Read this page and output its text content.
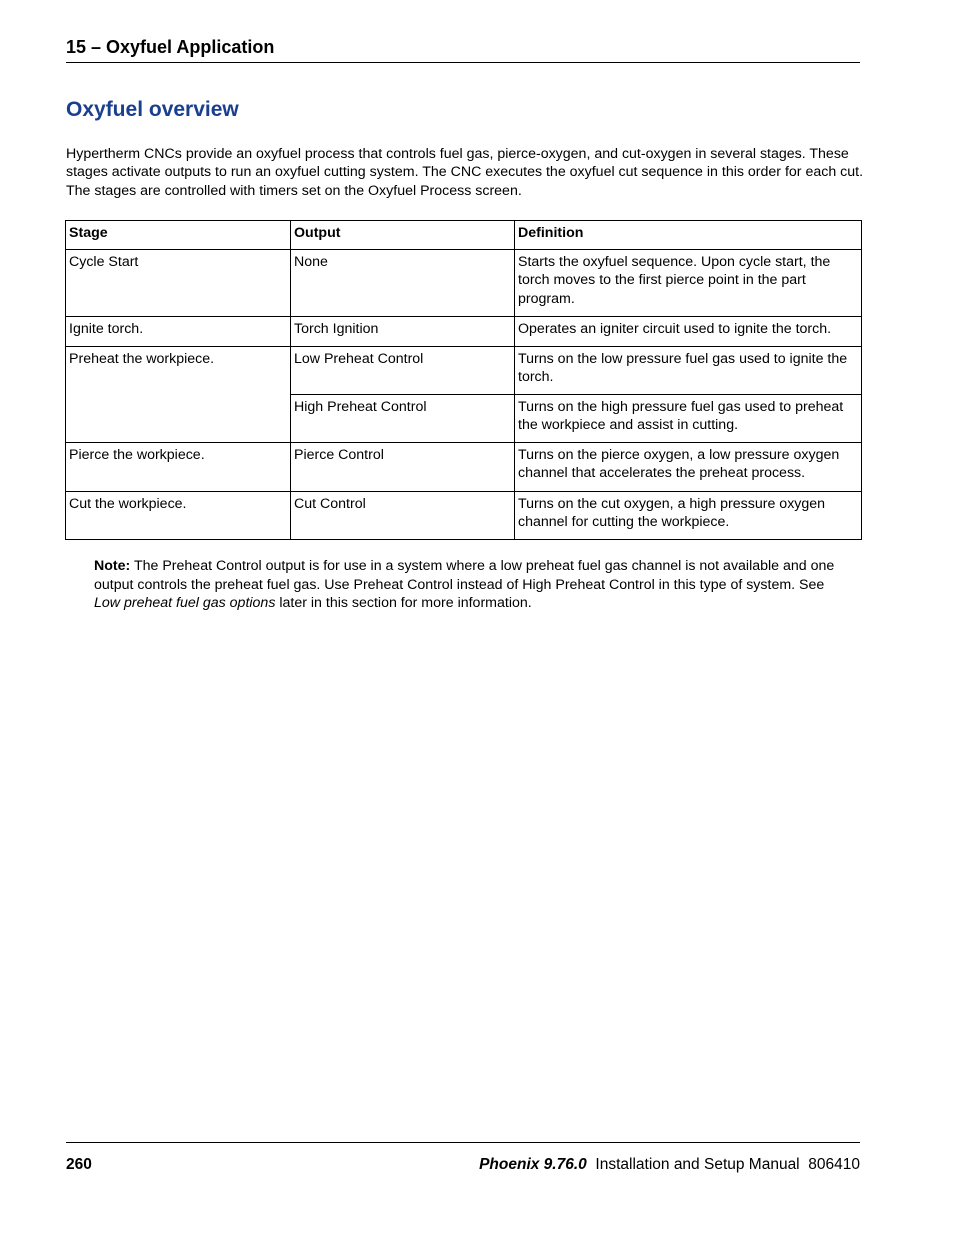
15 – Oxyfuel Application
Oxyfuel overview

Hypertherm CNCs provide an oxyfuel process that controls fuel gas, pierce-oxygen, and cut-oxygen in several stages. These stages activate outputs to run an oxyfuel cutting system. The CNC executes the oxyfuel cut sequence in this order for each cut. The stages are controlled with timers set on the Oxyfuel Process screen.

Stage	Output	Definition
Cycle Start	None	Starts the oxyfuel sequence. Upon cycle start, the torch moves to the first pierce point in the part program.
Ignite torch.	Torch Ignition	Operates an igniter circuit used to ignite the torch.
Preheat the workpiece.	Low Preheat Control	Turns on the low pressure fuel gas used to ignite the torch.
	High Preheat Control	Turns on the high pressure fuel gas used to preheat the workpiece and assist in cutting.
Pierce the workpiece.	Pierce Control	Turns on the pierce oxygen, a low pressure oxygen channel that accelerates the preheat process.
Cut the workpiece.	Cut Control	Turns on the cut oxygen, a high pressure oxygen channel for cutting the workpiece.

Note: The Preheat Control output is for use in a system where a low preheat fuel gas channel is not available and one output controls the preheat fuel gas. Use Preheat Control instead of High Preheat Control in this type of system. See Low preheat fuel gas options later in this section for more information.

260	Phoenix 9.76.0 Installation and Setup Manual 806410
